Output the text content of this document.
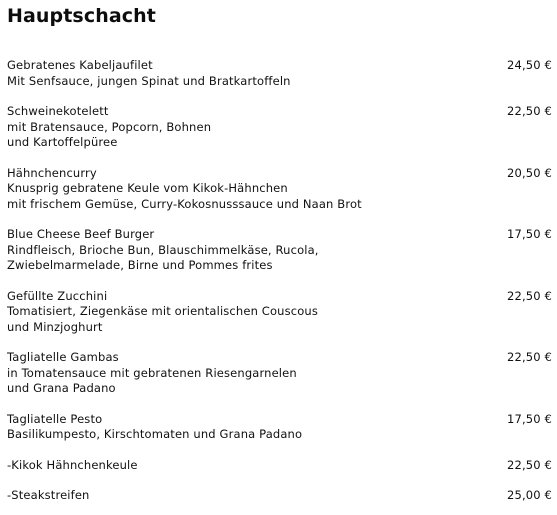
Hauptschacht
Gebratenes Kabeljaufilet
Mit Senfsauce, jungen Spinat und Bratkartoffeln
24,50 €
Schweinekotelett
mit Bratensauce, Popcorn, Bohnen
und Kartoffelpüree
22,50 €
Hähnchencurry
Knusprig gebratene Keule vom Kikok-Hähnchen
mit frischem Gemüse, Curry-Kokosnusssauce und Naan Brot
20,50 €
Blue Cheese Beef Burger
Rindfleisch, Brioche Bun, Blauschimmelkäse, Rucola,
Zwiebelmarmelade, Birne und Pommes frites
17,50 €
Gefüllte Zucchini
Tomatisiert, Ziegenkäse mit orientalischen Couscous
und Minzjoghurt
22,50 €
Tagliatelle Gambas
in Tomatensauce mit gebratenen Riesengarnelen
und Grana Padano
22,50 €
Tagliatelle Pesto
Basilikumpesto, Kirschtomaten und Grana Padano
17,50 €
-Kikok Hähnchenkeule	22,50 €
-Steakstreifen	25,00 €
